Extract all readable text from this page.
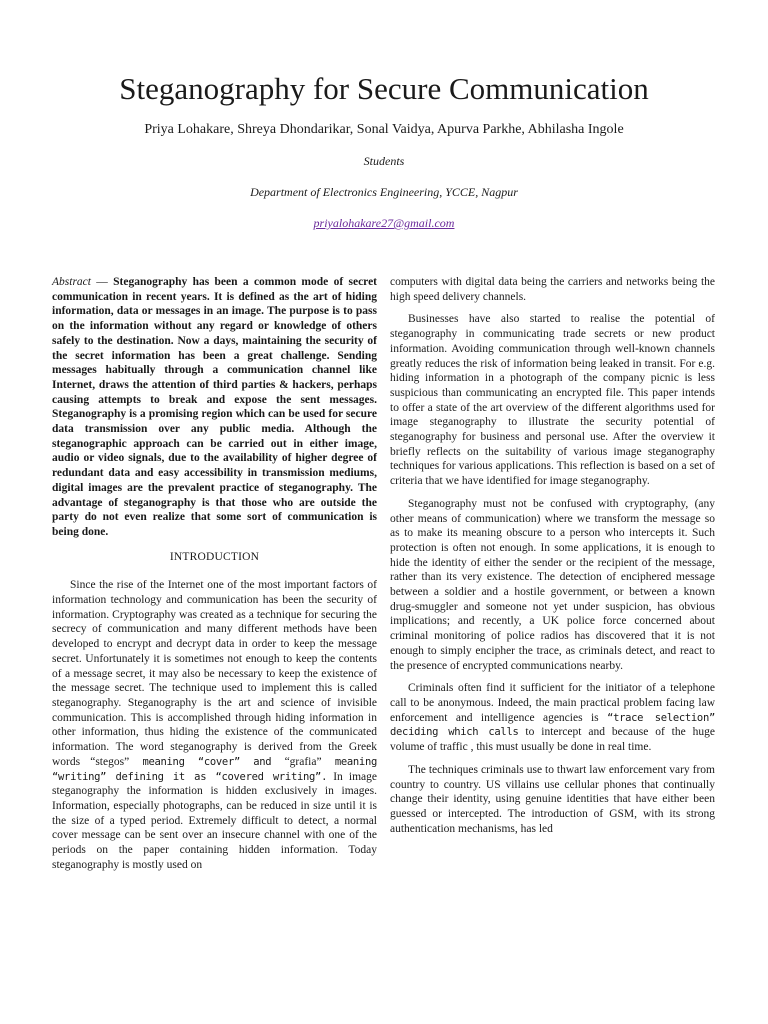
Steganography for Secure Communication
Priya Lohakare, Shreya Dhondarikar, Sonal Vaidya, Apurva Parkhe, Abhilasha Ingole
Students
Department of Electronics Engineering, YCCE, Nagpur
priyalohakare27@gmail.com

Abstract — Steganography has been a common mode of secret communication in recent years. It is defined as the art of hiding information, data or messages in an image. The purpose is to pass on the information without any regard or knowledge of others safely to the destination. Now a days, maintaining the security of the secret information has been a great challenge. Sending messages habitually through a communication channel like Internet, draws the attention of third parties & hackers, perhaps causing attempts to break and expose the sent messages. Steganography is a promising region which can be used for secure data transmission over any public media. Although the steganographic approach can be carried out in either image, audio or video signals, due to the availability of higher degree of redundant data and easy accessibility in transmission mediums, digital images are the prevalent practice of steganography. The advantage of steganography is that those who are outside the party do not even realize that some sort of communication is being done.

INTRODUCTION

Since the rise of the Internet one of the most important factors of information technology and communication has been the security of information. Cryptography was created as a technique for securing the secrecy of communication and many different methods have been developed to encrypt and decrypt data in order to keep the message secret. Unfortunately it is sometimes not enough to keep the contents of a message secret, it may also be necessary to keep the existence of the message secret. The technique used to implement this is called steganography. Steganography is the art and science of invisible communication. This is accomplished through hiding information in other information, thus hiding the existence of the communicated information. The word steganography is derived from the Greek words “stegos” meaning “cover” and “grafia” meaning “writing” defining it as “covered writing”. In image steganography the information is hidden exclusively in images. Information, especially photographs, can be reduced in size until it is the size of a typed period. Extremely difficult to detect, a normal cover message can be sent over an insecure channel with one of the periods on the paper containing hidden information. Today steganography is mostly used on

computers with digital data being the carriers and networks being the high speed delivery channels.

Businesses have also started to realise the potential of steganography in communicating trade secrets or new product information. Avoiding communication through well-known channels greatly reduces the risk of information being leaked in transit. For e.g. hiding information in a photograph of the company picnic is less suspicious than communicating an encrypted file. This paper intends to offer a state of the art overview of the different algorithms used for image steganography to illustrate the security potential of steganography for business and personal use. After the overview it briefly reflects on the suitability of various image steganography techniques for various applications. This reflection is based on a set of criteria that we have identified for image steganography.

Steganography must not be confused with cryptography, (any other means of communication) where we transform the message so as to make its meaning obscure to a person who intercepts it. Such protection is often not enough. In some applications, it is enough to hide the identity of either the sender or the recipient of the message, rather than its very existence. The detection of enciphered message between a soldier and a hostile government, or between a known drug-smuggler and someone not yet under suspicion, has obvious implications; and recently, a UK police force concerned about criminal monitoring of police radios has discovered that it is not enough to simply encipher the trace, as criminals detect, and react to the presence of encrypted communications nearby.

Criminals often find it sufficient for the initiator of a telephone call to be anonymous. Indeed, the main practical problem facing law enforcement and intelligence agencies is “trace selection” deciding which calls to intercept and because of the huge volume of traffic , this must usually be done in real time.

The techniques criminals use to thwart law enforcement vary from country to country. US villains use cellular phones that continually change their identity, using genuine identities that have either been guessed or intercepted. The introduction of GSM, with its strong authentication mechanisms, has led
